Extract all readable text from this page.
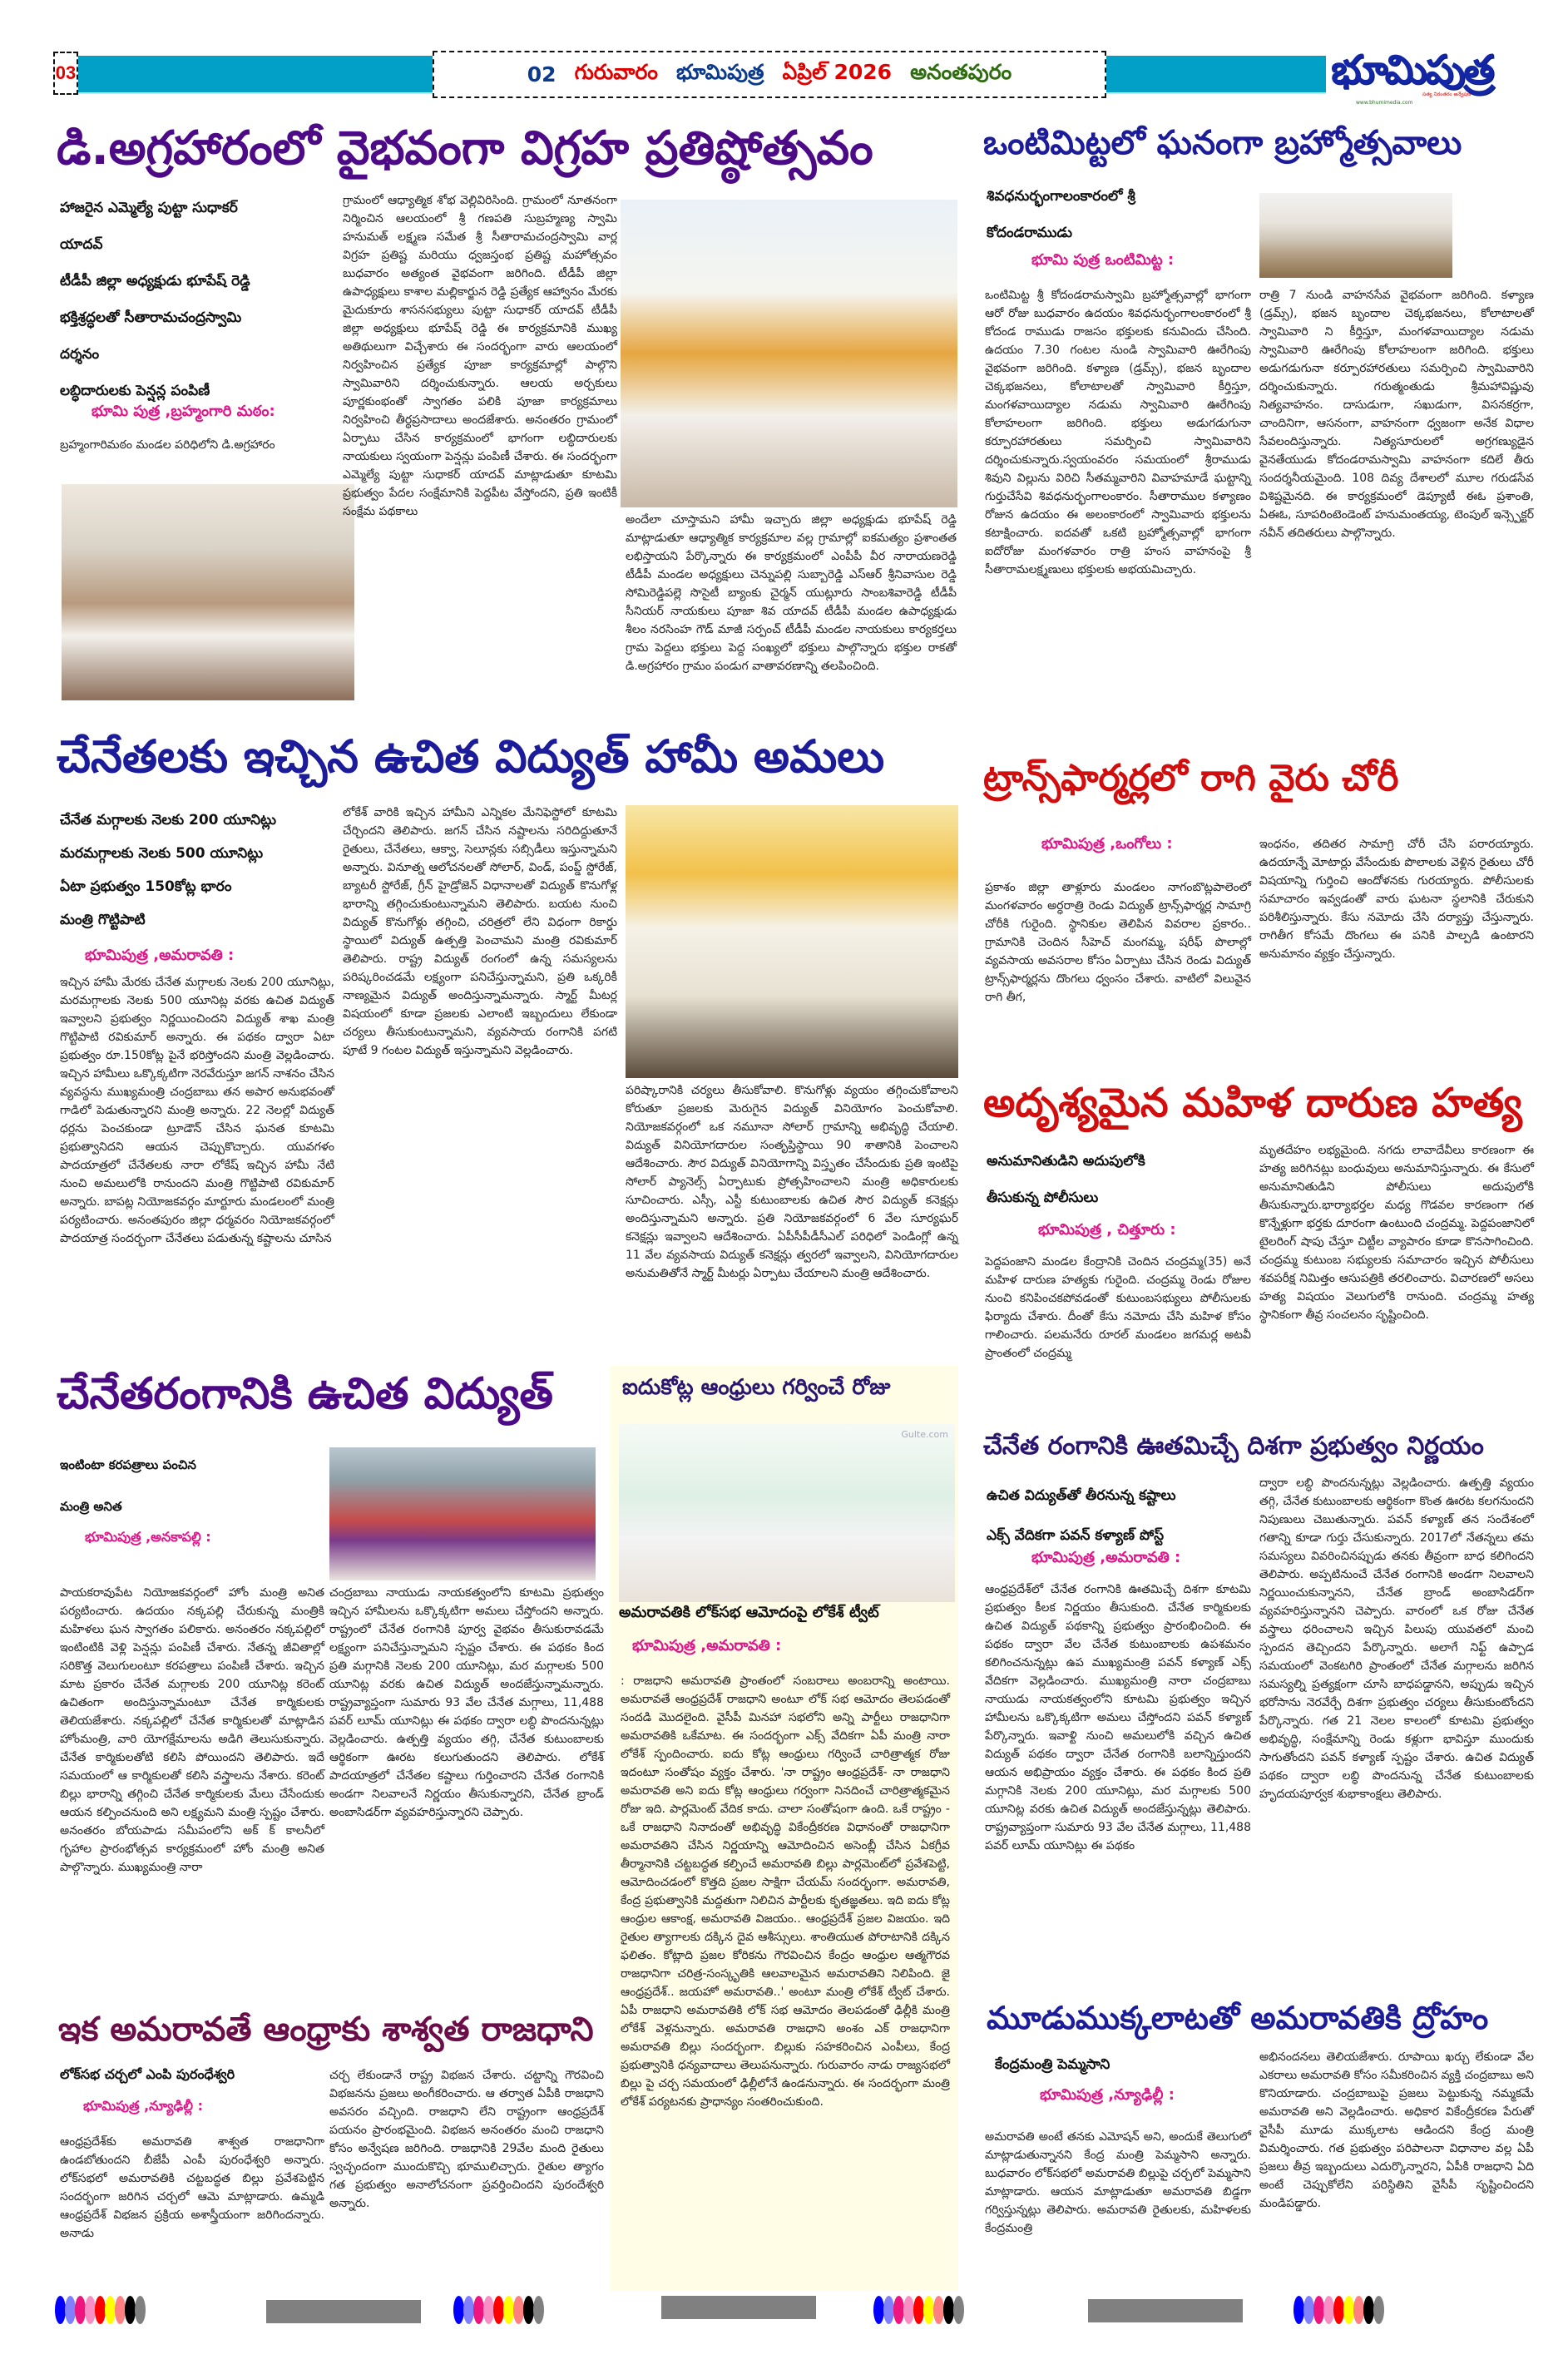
03	02 గురువారం భూమిపుత్ర ఏప్రిల్ 2026 అనంతపురం	భూమిపుత్ర
సత్య నిరంతరం అన్వేషణ
www.bhumimedia.com
డి.అగ్రహారంలో వైభవంగా విగ్రహ ప్రతిష్ఠోత్సవం
హాజరైన ఎమ్మెల్యే పుట్టా సుధాకర్
యాదవ్
టీడీపీ జిల్లా అధ్యక్షుడు భూపేష్ రెడ్డి
భక్తిశ్రద్ధలతో సీతారామచంద్రస్వామి
దర్శనం
లబ్ధిదారులకు పెన్షన్ల పంపిణీ
భూమి పుత్ర ,బ్రహ్మంగారి మఠం:
బ్రహ్మంగారిమఠం మండల పరిధిలోని డి.అగ్రహారం
గ్రామంలో ఆధ్యాత్మిక శోభ వెల్లివిరిసింది. గ్రామంలో నూతనంగా నిర్మించిన ఆలయంలో శ్రీ గణపతి సుబ్రహ్మణ్య స్వామి హనుమత్ లక్ష్మణ సమేత శ్రీ సీతారామచంద్రస్వామి వార్ల విగ్రహ ప్రతిష్ట మరియు ధ్వజస్తంభ ప్రతిష్ట మహోత్సవం బుధవారం అత్యంత వైభవంగా జరిగింది. టీడీపీ జిల్లా ఉపాధ్యక్షులు కాశాల మల్లికార్జున రెడ్డి ప్రత్యేక ఆహ్వానం మేరకు మైదుకూరు శాసనసభ్యులు పుట్టా సుధాకర్ యాదవ్ టీడీపీ జిల్లా అధ్యక్షులు భూపేష్ రెడ్డి ఈ కార్యక్రమానికి ముఖ్య అతిథులుగా విచ్చేశారు ఈ సందర్భంగా వారు ఆలయంలో నిర్వహించిన ప్రత్యేక పూజా కార్యక్రమాల్లో పాల్గొని స్వామివారిని దర్శించుకున్నారు. ఆలయ అర్చకులు పూర్ణకుంభంతో స్వాగతం పలికి పూజా కార్యక్రమాలు నిర్వహించి తీర్థప్రసాదాలు అందజేశారు. అనంతరం గ్రామంలో ఏర్పాటు చేసిన కార్యక్రమంలో భాగంగా లబ్ధిదారులకు నాయకులు స్వయంగా పెన్షన్లు పంపిణీ చేశారు. ఈ సందర్భంగా ఎమ్మెల్యే పుట్టా సుధాకర్ యాదవ్ మాట్లాడుతూ కూటమి ప్రభుత్వం పేదల సంక్షేమానికి పెద్దపీట వేస్తోందని, ప్రతి ఇంటికీ సంక్షేమ పథకాలు
అందేలా చూస్తామని హామీ ఇచ్చారు జిల్లా అధ్యక్షుడు భూపేష్ రెడ్డి మాట్లాడుతూ ఆధ్యాత్మిక కార్యక్రమాల వల్ల గ్రామాల్లో ఐకమత్యం ప్రశాంతత లభిస్తాయని పేర్కొన్నారు ఈ కార్యక్రమంలో ఎంపీపీ వీర నారాయణరెడ్డి టీడీపీ మండల అధ్యక్షులు చెన్నుపల్లి సుబ్బారెడ్డి ఎస్ఆర్ శ్రీనివాసుల రెడ్డి సోమిరెడ్డిపల్లె సొసైటీ బ్యాంకు చైర్మన్ యుట్లూరు సాంబశివారెడ్డి టీడీపీ సీనియర్ నాయకులు పూజా శివ యాదవ్ టీడీపీ మండల ఉపాధ్యక్షుడు శీలం నరసింహ గౌడ్ మాజీ సర్పంచ్ టీడీపీ మండల నాయకులు కార్యకర్తలు గ్రామ పెద్దలు భక్తులు పెద్ద సంఖ్యలో భక్తులు పాల్గొన్నారు భక్తుల రాకతో డి.అగ్రహారం గ్రామం పండుగ వాతావరణాన్ని తలపించింది.
ఒంటిమిట్టలో ఘనంగా బ్రహ్మోత్సవాలు
శివధనుర్భంగాలంకారంలో శ్రీ
కోదండరాముడు
భూమి పుత్ర ఒంటిమిట్ట :
ఒంటిమిట్ట శ్రీ కోదండరామస్వామి బ్రహ్మోత్సవాల్లో భాగంగా ఆరో రోజు బుధవారం ఉదయం శివధనుర్భంగాలంకారంలో శ్రీ కోదండ రాముడు రాజసం భక్తులకు కనువిందు చేసింది. ఉదయం 7.30 గంటల నుండి స్వామివారి ఊరేగింపు వైభవంగా జరిగింది. కళ్యాణ (డ్రమ్స్), భజన బృందాల చెక్కభజనలు, కోలాటాలతో స్వామివారి కీర్తిస్తూ, మంగళవాయిద్యాల నడుమ స్వామివారి ఊరేగింపు కోలాహలంగా జరిగింది. భక్తులు అడుగడుగునా కర్పూరహారతులు సమర్పించి స్వామివారిని దర్శించుకున్నారు.స్వయంవరం సమయంలో శ్రీరాముడు శివుని విల్లును విరిచి సీతమ్మవారిని వివాహమాడే ఘట్టాన్ని గుర్తుచేసేవి శివధనుర్భంగాలంకారం. సీతారాముల కళ్యాణం రోజున ఉదయం ఈ అలంకారంలో స్వామివారు భక్తులను కటాక్షించారు. ఐదవతో ఒకటి బ్రహ్మోత్సవాల్లో భాగంగా ఐదోరోజు మంగళవారం రాత్రి హంస వాహనంపై శ్రీ సీతారామలక్ష్మణులు భక్తులకు అభయమిచ్చారు.
రాత్రి 7 నుండి వాహనసేవ వైభవంగా జరిగింది. కళ్యాణ (డ్రమ్స్), భజన బృందాల చెక్కభజనలు, కోలాటాలతో స్వామివారి ని కీర్తిస్తూ, మంగళవాయిద్యాల నడుమ స్వామివారి ఊరేగింపు కోలాహలంగా జరిగింది. భక్తులు అడుగడుగునా కర్పూరహారతులు సమర్పించి స్వామివారిని దర్శించుకున్నారు. గరుత్మంతుడు శ్రీమహావిష్ణువు నిత్యవాహనం. దాసుడుగా, సఖుడుగా, విసనకర్రగా, చాందినిగా, ఆసనంగా, వాహనంగా ధ్వజంగా అనేక విధాల సేవలందిస్తున్నారు. నిత్యసూరులలో అగ్రగణ్యుడైన వైనతేయుడు కోదండరామస్వామి వాహనంగా కదిలే తీరు సందర్శనీయమైంది. 108 దివ్య దేశాలలో మూల గరుడసేవ విశిష్టమైనది. ఈ కార్యక్రమంలో డెప్యూటీ ఈఓ ప్రశాంతి, ఏఈఓ, సూపరింటెండెంట్ హనుమంతయ్య, టెంపుల్ ఇన్స్పెక్టర్ నవీన్ తదితరులు పాల్గొన్నారు.
చేనేతలకు ఇచ్చిన ఉచిత విద్యుత్ హామీ అమలు
చేనేత మగ్గాలకు నెలకు 200 యూనిట్లు
మరమగ్గాలకు నెలకు 500 యూనిట్లు
ఏటా ప్రభుత్వం 150కోట్ల భారం
మంత్రి గొట్టిపాటి
భూమిపుత్ర ,అమరావతి :
ఇచ్చిన హామీ మేరకు చేనేత మగ్గాలకు నెలకు 200 యూనిట్లు, మరమగ్గాలకు నెలకు 500 యూనిట్ల వరకు ఉచిత విద్యుత్ ఇవ్వాలని ప్రభుత్వం నిర్ణయించిందని విద్యుత్ శాఖ మంత్రి గొట్టిపాటి రవికుమార్ అన్నారు. ఈ పథకం ద్వారా ఏటా ప్రభుత్వం రూ.150కోట్ల పైనే భరిస్తోందని మంత్రి వెల్లడించారు. ఇచ్చిన హామీలు ఒక్కొక్కటిగా నెరవేరుస్తూ జగన్ నాశనం చేసిన వ్యవస్థను ముఖ్యమంత్రి చంద్రబాబు తన అపార అనుభవంతో గాడిలో పెడుతున్నారని మంత్రి అన్నారు. 22 నెలల్లో విద్యుత్ ధర్లను పెంచకుండా ట్రూడౌన్ చేసిన ఘనత కూటమి ప్రభుత్వానిదని ఆయన చెప్పుకొచ్చారు. యువగళం పాదయాత్రలో చేనేతలకు నారా లోకేష్ ఇచ్చిన హామీ నేటి నుంచి అమలులోకి రానుందని మంత్రి గొట్టిపాటి రవికుమార్ అన్నారు. బాపట్ల నియోజకవర్గం మార్టూరు మండలంలో మంత్రి పర్యటించారు. అనంతపురం జిల్లా ధర్మవరం నియోజకవర్గంలో పాదయాత్ర సందర్భంగా చేనేతలు పడుతున్న కష్టాలను చూసిన
లోకేశ్ వారికి ఇచ్చిన హామీని ఎన్నికల మేనిఫెస్టోలో కూటమి చేర్చిందని తెలిపారు. జగన్ చేసిన నష్టాలను సరిదిద్దుతూనే రైతులు, చేనేతలు, ఆక్వా, సెలూన్లకు సబ్సిడీలు ఇస్తున్నామని అన్నారు. వినూత్న ఆలోచనలతో సోలార్, విండ్, పంప్డ్ స్టోరేజ్, బ్యాటరీ స్టోరేజ్, గ్రీన్ హైడ్రోజెన్ విధానాలతో విద్యుత్ కొనుగోళ్ల భారాన్ని తగ్గించుకుంటున్నామని తెలిపారు. బయట నుంచి విద్యుత్ కొనుగోళ్లు తగ్గించి, చరిత్రలో లేని విధంగా రికార్డు స్థాయిలో విద్యుత్ ఉత్పత్తి పెంచామని మంత్రి రవికుమార్ తెలిపారు. రాష్ట్ర విద్యుత్ రంగంలో ఉన్న సమస్యలను పరిష్కరించడమే లక్ష్యంగా పనిచేస్తున్నామని, ప్రతి ఒక్కరికీ నాణ్యమైన విద్యుత్ అందిస్తున్నామన్నారు. స్మార్ట్ మీటర్ల విషయంలో కూడా ప్రజలకు ఎలాంటి ఇబ్బందులు లేకుండా చర్యలు తీసుకుంటున్నామని, వ్యవసాయ రంగానికి పగటి పూటే 9 గంటల విద్యుత్ ఇస్తున్నామని వెల్లడించారు.
పరిష్కారానికి చర్యలు తీసుకోవాలి. కొనుగోళ్లు వ్యయం తగ్గించుకోవాలని కోరుతూ ప్రజలకు మెరుగైన విద్యుత్ వినియోగం పెంచుకోవాలి. నియోజకవర్గంలో ఒక నమూనా సోలార్ గ్రామాన్ని అభివృద్ధి చేయాలి. విద్యుత్ వినియోగదారుల సంతృప్తిస్థాయి 90 శాతానికి పెంచాలని ఆదేశించారు. సౌర విద్యుత్ వినియోగాన్ని విస్తృతం చేసేందుకు ప్రతి ఇంటిపై సోలార్ ప్యానెల్స్ ఏర్పాటుకు ప్రోత్సహించాలని మంత్రి అధికారులకు సూచించారు. ఎస్సీ, ఎస్టీ కుటుంబాలకు ఉచిత సౌర విద్యుత్ కనెక్షన్లు అందిస్తున్నామని అన్నారు. ప్రతి నియోజకవర్గంలో 6 వేల సూర్యఘర్ కనెక్షన్లు ఇవ్వాలని ఆదేశించారు. ఏపీసీపీడీసీఎల్ పరిధిలో పెండింగ్లో ఉన్న 11 వేల వ్యవసాయ విద్యుత్ కనెక్షన్లు త్వరలో ఇవ్వాలని, వినియోగదారుల అనుమతితోనే స్మార్ట్ మీటర్లు ఏర్పాటు చేయాలని మంత్రి ఆదేశించారు.
ట్రాన్స్‌ఫార్మర్లలో రాగి వైరు చోరీ
భూమిపుత్ర ,ఒంగోలు :
ప్రకాశం జిల్లా తాళ్లూరు మండలం నాగంబొట్లపాలెంలో మంగళవారం అర్ధరాత్రి రెండు విద్యుత్ ట్రాన్స్‌ఫార్మర్ల సామాగ్రి చోరీకి గురైంది. స్థానికుల తెలిపిన వివరాల ప్రకారం.. గ్రామానికి చెందిన సీహెచ్ మంగమ్మ, షరీఫ్ పొలాల్లో వ్యవసాయ అవసరాల కోసం ఏర్పాటు చేసిన రెండు విద్యుత్ ట్రాన్స్‌ఫార్మర్లను దొంగలు ధ్వంసం చేశారు. వాటిలో విలువైన రాగి తీగ,
ఇంధనం, తదితర సామాగ్రి చోరీ చేసి పరారయ్యారు. ఉదయాన్నే మోటార్లు వేసేందుకు పొలాలకు వెళ్లిన రైతులు చోరీ విషయాన్ని గుర్తించి ఆందోళనకు గురయ్యారు. పోలీసులకు సమాచారం ఇవ్వడంతో వారు ఘటనా స్థలానికి చేరుకుని పరిశీలిస్తున్నారు. కేసు నమోదు చేసి దర్యాప్తు చేస్తున్నారు. రాగితీగ కోసమే దొంగలు ఈ పనికి పాల్పడి ఉంటారని అనుమానం వ్యక్తం చేస్తున్నారు.
అదృశ్యమైన మహిళ దారుణ హత్య
అనుమానితుడిని అదుపులోకి
తీసుకున్న పోలీసులు
భూమిపుత్ర , చిత్తూరు :
పెద్దపంజాని మండల కేంద్రానికి చెందిన చంద్రమ్మ(35) అనే మహిళ దారుణ హత్యకు గురైంది. చంద్రమ్మ రెండు రోజుల నుంచి కనిపించకపోవడంతో కుటుంబసభ్యులు పోలీసులకు ఫిర్యాదు చేశారు. దీంతో కేసు నమోదు చేసి మహిళ కోసం గాలించారు. పలమనేరు రూరల్ మండలం జగమర్ల అటవీ ప్రాంతంలో చంద్రమ్మ
మృతదేహం లభ్యమైంది. నగదు లావాదేవీలు కారణంగా ఈ హత్య జరిగినట్లు బంధువులు అనుమానిస్తున్నారు. ఈ కేసులో అనుమానితుడిని పోలీసులు అదుపులోకి తీసుకున్నారు.భార్యాభర్తల మధ్య గొడవల కారణంగా గత కొన్నేళ్లుగా భర్తకు దూరంగా ఉంటుంది చంద్రమ్మ. పెద్దపంజానిలో టైలరింగ్ షాపు చేస్తూ చిట్టీల వ్యాపారం కూడా కొనసాగించింది. చంద్రమ్మ కుటుంబ సభ్యులకు సమాచారం ఇచ్చిన పోలీసులు శవపరీక్ష నిమిత్తం ఆసుపత్రికి తరలించారు. విచారణలో అసలు హత్య విషయం వెలుగులోకి రానుంది. చంద్రమ్మ హత్య స్థానికంగా తీవ్ర సంచలనం సృష్టించింది.
చేనేతరంగానికి ఉచిత విద్యుత్
ఇంటింటా కరపత్రాలు పంచిన
మంత్రి అనిత
భూమిపుత్ర ,అనకాపల్లి :
పాయకరావుపేట నియోజకవర్గంలో హోం మంత్రి అనిత పర్యటించారు. ఉదయం నక్కపల్లి చేరుకున్న మంత్రికి మహిళలు ఘన స్వాగతం పలికారు. అనంతరం నక్కపల్లిలో ఇంటింటికి వెళ్లి పెన్షన్లు పంపిణీ చేశారు. నేతన్న జీవితాల్లో సరికొత్త వెలుగులంటూ కరపత్రాలు పంపిణీ చేశారు. ఇచ్చిన మాట ప్రకారం చేనేత మగ్గాలకు 200 యూనిట్ల కరెంట్ ఉచితంగా అందిస్తున్నామంటూ చేనేత కార్మికులకు తెలియజేశారు. నక్కపల్లిలో చేనేత కార్మికులతో మాట్లాడిన హోంమంత్రి, వారి యోగక్షేమాలను అడిగి తెలుసుకున్నారు. చేనేత కార్మికులతోటి కలిసి పోయిందని తెలిపారు. ఇదే సమయంలో ఆ కార్మికులతో కలిసి వస్త్రాలను నేశారు. కరెంట్ బిల్లు భారాన్ని తగ్గించి చేనేత కార్మికులకు మేలు చేసేందుకు ఆయన కల్పించనుంది అని లక్ష్యమని మంత్రి స్పష్టం చేశారు. అనంతరం బోయపాడు సమీపంలోని అక్ క్ కాలనీలో గృహాల ప్రారంభోత్సవ కార్యక్రమంలో హోం మంత్రి అనిత పాల్గొన్నారు. ముఖ్యమంత్రి నారా
చంద్రబాబు నాయుడు నాయకత్వంలోని కూటమి ప్రభుత్వం ఇచ్చిన హామీలను ఒక్కొక్కటిగా అమలు చేస్తోందని అన్నారు. రాష్ట్రంలో చేనేత రంగానికి పూర్వ వైభవం తీసుకురావడమే లక్ష్యంగా పనిచేస్తున్నామని స్పష్టం చేశారు. ఈ పథకం కింద ప్రతి మగ్గానికి నెలకు 200 యూనిట్లు, మర మగ్గాలకు 500 యూనిట్ల వరకు ఉచిత విద్యుత్ అందజేస్తున్నామన్నారు. రాష్ట్రవ్యాప్తంగా సుమారు 93 వేల చేనేత మగ్గాలు, 11,488 పవర్ లూమ్ యూనిట్లు ఈ పథకం ద్వారా లబ్ధి పొందనున్నట్లు వెల్లడించారు. ఉత్పత్తి వ్యయం తగ్గి, చేనేత కుటుంబాలకు ఆర్థికంగా ఊరట కలుగుతుందని తెలిపారు. లోకేశ్ పాదయాత్రలో చేనేతల కష్టాలు గుర్తించారని చేనేత రంగానికి అండగా నిలవాలనే నిర్ణయం తీసుకున్నారని, చేనేత బ్రాండ్ అంబాసిడర్‌గా వ్యవహరిస్తున్నారని చెప్పారు.
ఐదుకోట్ల ఆంధ్రులు గర్వించే రోజు
Gulte.com
అమరావతికి లోక్‌సభ ఆమోదంపై లోకేశ్ ట్వీట్
భూమిపుత్ర ,అమరావతి :
: రాజధాని అమరావతి ప్రాంతంలో సంబరాలు అంబరాన్ని అంటాయి. అమరావతే ఆంధ్రప్రదేశ్ రాజధాని అంటూ లోక్ సభ ఆమోదం తెలపడంతో సందడి మొదలైంది. వైసీపీ మినహా సభలోని అన్ని పార్టీలు రాజధానిగా అమరావతికి ఒకేమాట. ఈ సందర్భంగా ఎక్స్ వేదికగా ఏపీ మంత్రి నారా లోకేశ్ స్పందించారు. ఐదు కోట్ల ఆంధ్రులు గర్వించే చారిత్రాత్మక రోజు ఇదంటూ సంతోషం వ్యక్తం చేశారు. 'నా రాష్ట్రం ఆంధ్రప్రదేశ్- నా రాజధాని అమరావతి అని ఐదు కోట్ల ఆంధ్రులు గర్వంగా నినదించే చారిత్రాత్మకమైన రోజు ఇది. పార్లమెంట్ వేదిక కాదు. చాలా సంతోషంగా ఉంది. ఒకే రాష్ట్రం - ఒకే రాజధాని నినాదంతో అభివృద్ధి వికేంద్రీకరణ విధానంతో రాజధానిగా అమరావతిని చేసిన నిర్ణయాన్ని ఆమోదించిన అసెంబ్లీ చేసిన ఏకగ్రీవ తీర్మానానికి చట్టబద్ధత కల్పించే అమరావతి బిల్లు పార్లమెంట్‌లో ప్రవేశపెట్టి, ఆమోదించడంలో కొత్తది ప్రజల సాక్షిగా చేయమ్ సందర్భంగా. అమరావతి, కేంద్ర ప్రభుత్వానికి మద్దతుగా నిలిచిన పార్టీలకు కృతజ్ఞతలు. ఇది ఐదు కోట్ల ఆంధ్రుల ఆకాంక్ష, అమరావతి విజయం.. ఆంధ్రప్రదేశ్ ప్రజల విజయం. ఇది రైతుల త్యాగాలకు దక్కిన దైవ ఆశీస్సులు. శాంతియుత పోరాటానికి దక్కిన ఫలితం. కోట్లాది ప్రజల కోరికను గౌరవించిన కేంద్రం ఆంధ్రుల ఆత్మగౌరవ రాజధానిగా చరిత్ర-సంస్కృతికి ఆలవాలమైన అమరావతిని నిలిపింది. జై ఆంధ్రప్రదేశ్.. జయహో అమరావతి..' అంటూ మంత్రి లోకేశ్ ట్వీట్ చేశారు. ఏపీ రాజధాని అమరావతికి లోక్ సభ ఆమోదం తెలపడంతో ఢిల్లీకి మంత్రి లోకేశ్ వెళ్లనున్నారు. అమరావతి రాజధాని అంశం ఎక్ రాజధానిగా అమరావతి బిల్లు సందర్భంగా. బిల్లుకు సహకరించిన ఎంపీలు, కేంద్ర ప్రభుత్వానికి ధన్యవాదాలు తెలుపనున్నారు. గురువారం నాడు రాజ్యసభలో బిల్లు పై చర్చ సమయంలో ఢిల్లీలోనే ఉండనున్నారు. ఈ సందర్భంగా మంత్రి లోకేశ్ పర్యటనకు ప్రాధాన్యం సంతరించుకుంది.
చేనేత రంగానికి ఊతమిచ్చే దిశగా ప్రభుత్వం నిర్ణయం
ఉచిత విద్యుత్‌తో తీరనున్న కష్టాలు
ఎక్స్ వేదికగా పవన్ కళ్యాణ్ పోస్ట్
భూమిపుత్ర ,అమరావతి :
ఆంధ్రప్రదేశ్‌లో చేనేత రంగానికి ఊతమిచ్చే దిశగా కూటమి ప్రభుత్వం కీలక నిర్ణయం తీసుకుంది. చేనేత కార్మికులకు ఉచిత విద్యుత్ పథకాన్ని ప్రభుత్వం ప్రారంభించింది. ఈ పథకం ద్వారా వేల చేనేత కుటుంబాలకు ఉపశమనం కలిగించనున్నట్లు ఉప ముఖ్యమంత్రి పవన్ కళ్యాణ్ ఎక్స్ వేదికగా వెల్లడించారు. ముఖ్యమంత్రి నారా చంద్రబాబు నాయుడు నాయకత్వంలోని కూటమి ప్రభుత్వం ఇచ్చిన హామీలను ఒక్కొక్కటిగా అమలు చేస్తోందని పవన్ కళ్యాణ్ పేర్కొన్నారు. ఇవాళ్టి నుంచి అమలులోకి వచ్చిన ఉచిత విద్యుత్ పథకం ద్వారా చేనేత రంగానికి బలాన్నిస్తుందని ఆయన అభిప్రాయం వ్యక్తం చేశారు. ఈ పథకం కింద ప్రతి మగ్గానికి నెలకు 200 యూనిట్లు, మర మగ్గాలకు 500 యూనిట్ల వరకు ఉచిత విద్యుత్ అందజేస్తున్నట్లు తెలిపారు. రాష్ట్రవ్యాప్తంగా సుమారు 93 వేల చేనేత మగ్గాలు, 11,488 పవర్ లూమ్ యూనిట్లు ఈ పథకం
ద్వారా లబ్ధి పొందనున్నట్లు వెల్లడించారు. ఉత్పత్తి వ్యయం తగ్గి, చేనేత కుటుంబాలకు ఆర్థికంగా కొంత ఊరట కలగనుందని నిపుణులు చెబుతున్నారు. పవన్ కళ్యాణ్ తన సందేశంలో గతాన్ని కూడా గుర్తు చేసుకున్నారు. 2017లో నేతన్నలు తమ సమస్యలు వివరించినప్పుడు తనకు తీవ్రంగా బాధ కలిగిందని తెలిపారు. అప్పటినుంచే చేనేత రంగానికి అండగా నిలవాలని నిర్ణయించుకున్నానని, చేనేత బ్రాండ్ అంబాసిడర్‌గా వ్యవహరిస్తున్నానని చెప్పారు. వారంలో ఒక రోజు చేనేత వస్త్రాలు ధరించాలని ఇచ్చిన పిలుపు యువతలో మంచి స్పందన తెచ్చిందని పేర్కొన్నారు. అలాగే నిఫ్ట్ ఉప్పాడ సమయంలో వెంకటగిరి ప్రాంతంలో చేనేత మగ్గాలను జరిగిన సమస్యల్ని ప్రత్యక్షంగా చూసి బాధపడ్డానని, అప్పుడు ఇచ్చిన భరోసాను నెరవేర్చే దిశగా ప్రభుత్వం చర్యలు తీసుకుంటోందని పేర్కొన్నారు. గత 21 నెలల కాలంలో కూటమి ప్రభుత్వం అభివృద్ధి, సంక్షేమాన్ని రెండు కళ్లుగా భావిస్తూ ముందుకు సాగుతోందని పవన్ కళ్యాణ్ స్పష్టం చేశారు. ఉచిత విద్యుత్ పథకం ద్వారా లబ్ధి పొందనున్న చేనేత కుటుంబాలకు హృదయపూర్వక శుభాకాంక్షలు తెలిపారు.
ఇక అమరావతే ఆంధ్రాకు శాశ్వత రాజధాని
లోక్‌సభ చర్చలో ఎంపి పురంధేశ్వరి
భూమిపుత్ర ,న్యూఢిల్లీ :
ఆంధ్రప్రదేశ్‌కు అమరావతి శాశ్వత రాజధానిగా ఉండబోతుందని బీజేపీ ఎంపీ పురంధేశ్వరి అన్నారు. లోక్‌సభలో అమరావతికి చట్టబద్ధత బిల్లు ప్రవేశపెట్టిన సందర్భంగా జరిగిన చర్చలో ఆమె మాట్లాడారు. ఉమ్మడి ఆంధ్రప్రదేశ్ విభజన ప్రక్రియ అశాస్త్రీయంగా జరిగిందన్నారు. అనాడు
చర్చ లేకుండానే రాష్ట్ర విభజన చేశారు. చట్టాన్ని గౌరవించి విభజనను ప్రజలు అంగీకరించారు. ఆ తర్వాత ఏపీకి రాజధాని అవసరం వచ్చింది. రాజధాని లేని రాష్ట్రంగా ఆంధ్రప్రదేశ్ పయనం ప్రారంభమైంది. విభజన అనంతరం మంచి రాజధాని కోసం అన్వేషణ జరిగింది. రాజధానికి 29వేల మంది రైతులు స్వచ్ఛందంగా ముందుకొచ్చి భూములిచ్చారు. రైతుల త్యాగం గత ప్రభుత్వం అనాలోచనంగా ప్రవర్తించిందని పురందేశ్వరి అన్నారు.
మూడుముక్కలాటతో అమరావతికి ద్రోహం
కేంద్రమంత్రి పెమ్మసాని
భూమిపుత్ర ,న్యూఢిల్లీ :
అమరావతి అంటే తనకు ఎమోషన్ అని, అందుకే తెలుగులో మాట్లాడుతున్నానని కేంద్ర మంత్రి పెమ్మసాని అన్నారు. బుధవారం లోక్‌సభలో అమరావతి బిల్లుపై చర్చలో పెమ్మసాని మాట్లాడారు. ఆయన మాట్లాడుతూ అమరావతి బిడ్డగా గర్విస్తున్నట్లు తెలిపారు. అమరావతి రైతులకు, మహిళలకు కేంద్రమంత్రి
అభినందనలు తెలియజేశారు. రూపాయి ఖర్చు లేకుండా వేల ఎకరాలు అమరావతి కోసం సమీకరించిన వ్యక్తి చంద్రబాబు అని కొనియాడారు. చంద్రబాబుపై ప్రజలు పెట్టుకున్న నమ్మకమే అమరావతి అని వెల్లడించారు. అధికార వికేంద్రీకరణ పేరుతో వైసీపీ మూడు ముక్కలాట ఆడిందని కేంద్ర మంత్రి విమర్శించారు. గత ప్రభుత్వం పరిపాలనా విధానాల వల్ల ఏపీ ప్రజలు తీవ్ర ఇబ్బందులు ఎదుర్కొన్నారని, ఏపీకి రాజధాని ఏది అంటే చెప్పుకోలేని పరిస్థితిని వైసీపీ సృష్టించిందని మండిపడ్డారు.
